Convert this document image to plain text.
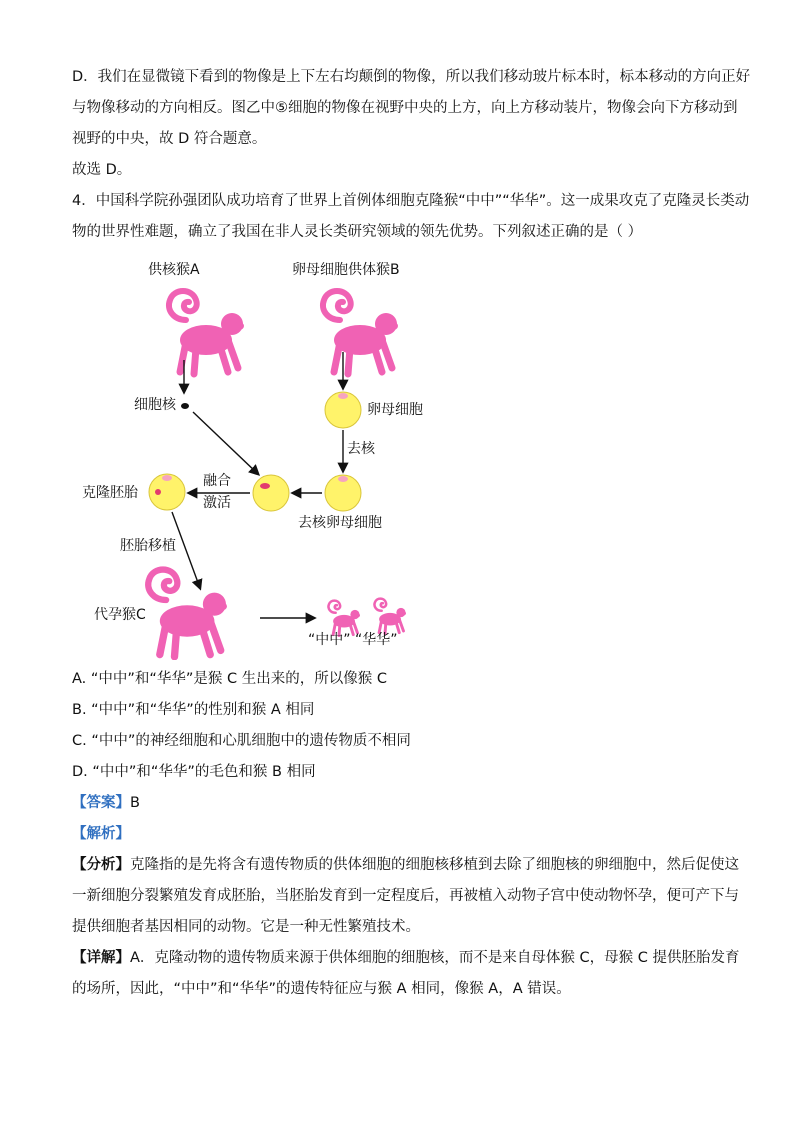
D．我们在显微镜下看到的物像是上下左右均颠倒的物像，所以我们移动玻片标本时，标本移动的方向正好
与物像移动的方向相反。图乙中⑤细胞的物像在视野中央的上方，向上方移动装片，物像会向下方移动到
视野的中央，故 D 符合题意。
故选 D。
4．中国科学院孙强团队成功培育了世界上首例体细胞克隆猴“中中”“华华”。这一成果攻克了克隆灵长类动
物的世界性难题，确立了我国在非人灵长类研究领域的领先优势。下列叙述正确的是（ ）
供核猴A	卵母细胞供体猴B
细胞核	卵母细胞
去核
融合
激活
克隆胚胎
去核卵母细胞
胚胎移植
代孕猴C
“中中” “华华”
A. “中中”和“华华”是猴 C 生出来的，所以像猴 C
B. “中中”和“华华”的性别和猴 A 相同
C. “中中”的神经细胞和心肌细胞中的遗传物质不相同
D. “中中”和“华华”的毛色和猴 B 相同
【答案】B
【解析】
【分析】克隆指的是先将含有遗传物质的供体细胞的细胞核移植到去除了细胞核的卵细胞中，然后促使这
一新细胞分裂繁殖发育成胚胎，当胚胎发育到一定程度后，再被植入动物子宫中使动物怀孕，便可产下与
提供细胞者基因相同的动物。它是一种无性繁殖技术。
【详解】A．克隆动物的遗传物质来源于供体细胞的细胞核，而不是来自母体猴 C，母猴 C 提供胚胎发育
的场所，因此，“中中”和“华华”的遗传特征应与猴 A 相同，像猴 A，A 错误。
